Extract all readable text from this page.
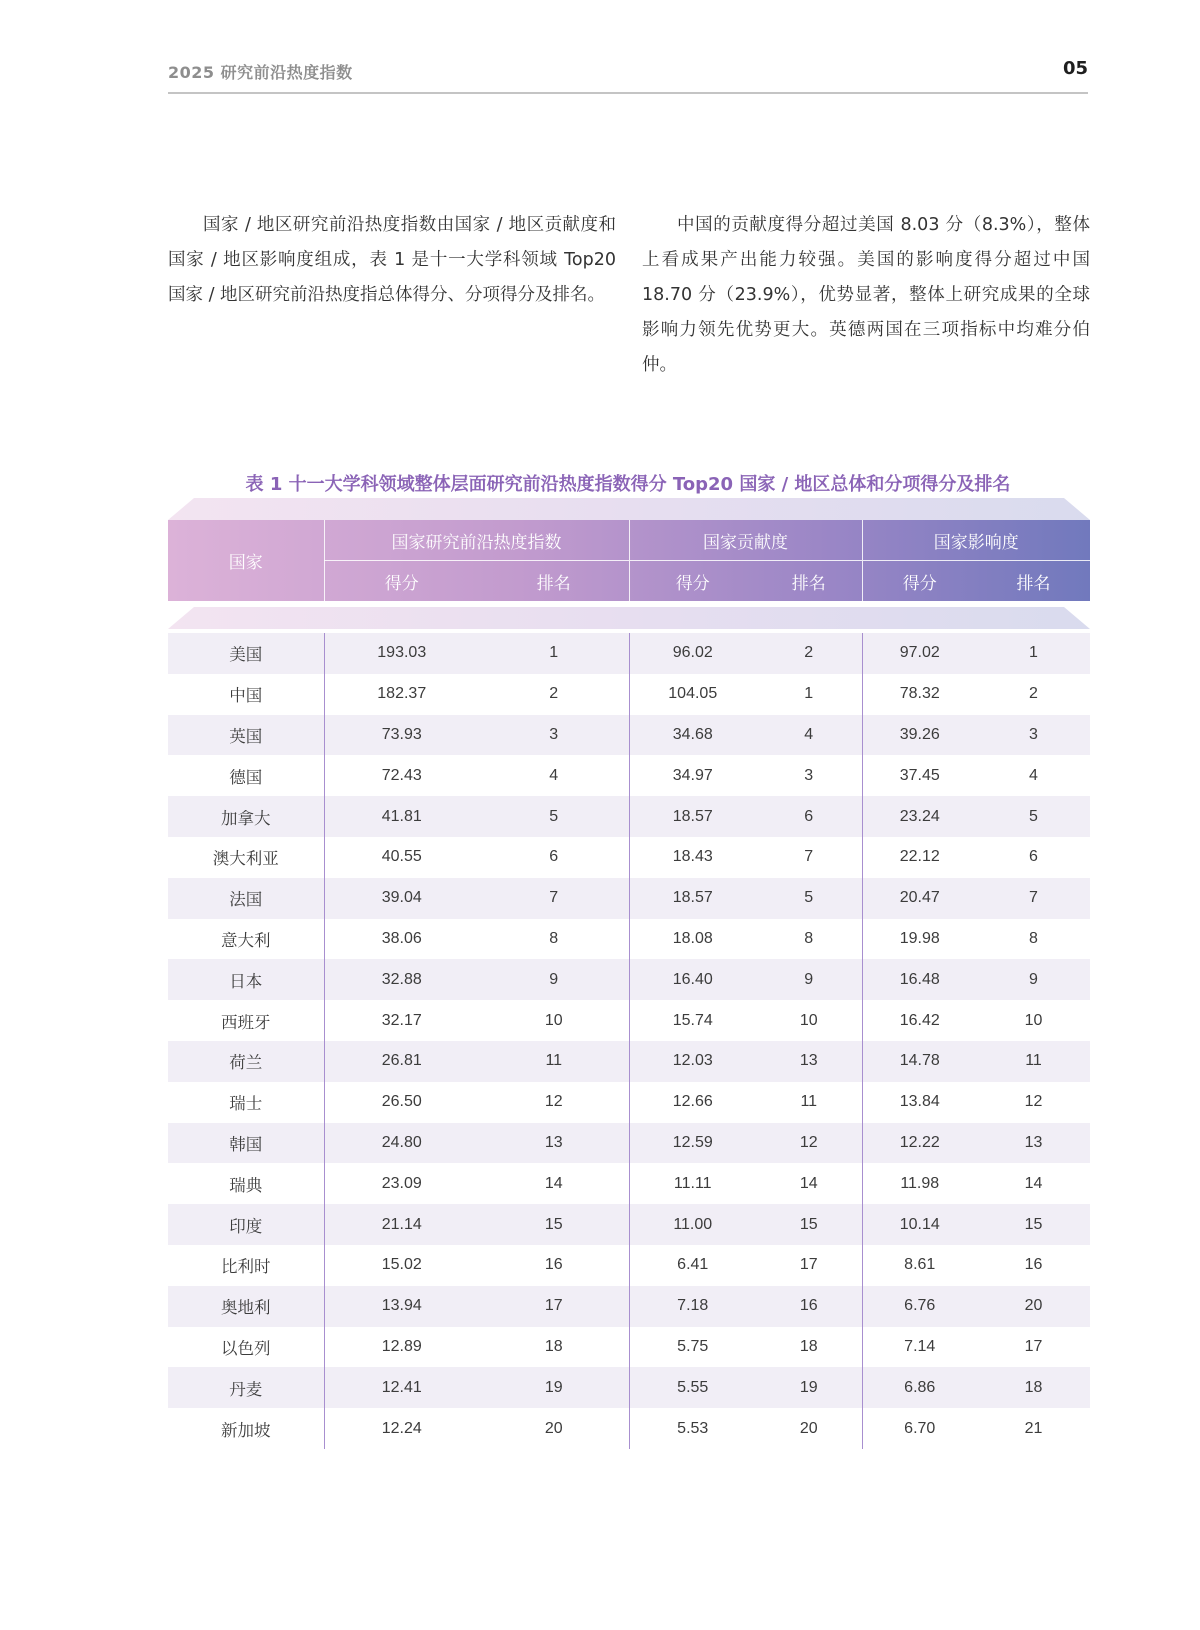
2025 研究前沿热度指数	05

国家 / 地区研究前沿热度指数由国家 / 地区贡献度和国家 / 地区影响度组成，表 1 是十一大学科领域 Top20 国家 / 地区研究前沿热度指总体得分、分项得分及排名。

中国的贡献度得分超过美国 8.03 分（8.3%），整体上看成果产出能力较强。美国的影响度得分超过中国 18.70 分（23.9%），优势显著，整体上研究成果的全球影响力领先优势更大。英德两国在三项指标中均难分伯仲。

表 1 十一大学科领域整体层面研究前沿热度指数得分 Top20 国家 / 地区总体和分项得分及排名
国家	国家研究前沿热度指数		国家贡献度		国家影响度	
	得分	排名	得分	排名	得分	排名
美国	193.03	1	96.02	2	97.02	1
中国	182.37	2	104.05	1	78.32	2
英国	73.93	3	34.68	4	39.26	3
德国	72.43	4	34.97	3	37.45	4
加拿大	41.81	5	18.57	6	23.24	5
澳大利亚	40.55	6	18.43	7	22.12	6
法国	39.04	7	18.57	5	20.47	7
意大利	38.06	8	18.08	8	19.98	8
日本	32.88	9	16.40	9	16.48	9
西班牙	32.17	10	15.74	10	16.42	10
荷兰	26.81	11	12.03	13	14.78	11
瑞士	26.50	12	12.66	11	13.84	12
韩国	24.80	13	12.59	12	12.22	13
瑞典	23.09	14	11.11	14	11.98	14
印度	21.14	15	11.00	15	10.14	15
比利时	15.02	16	6.41	17	8.61	16
奥地利	13.94	17	7.18	16	6.76	20
以色列	12.89	18	5.75	18	7.14	17
丹麦	12.41	19	5.55	19	6.86	18
新加坡	12.24	20	5.53	20	6.70	21
